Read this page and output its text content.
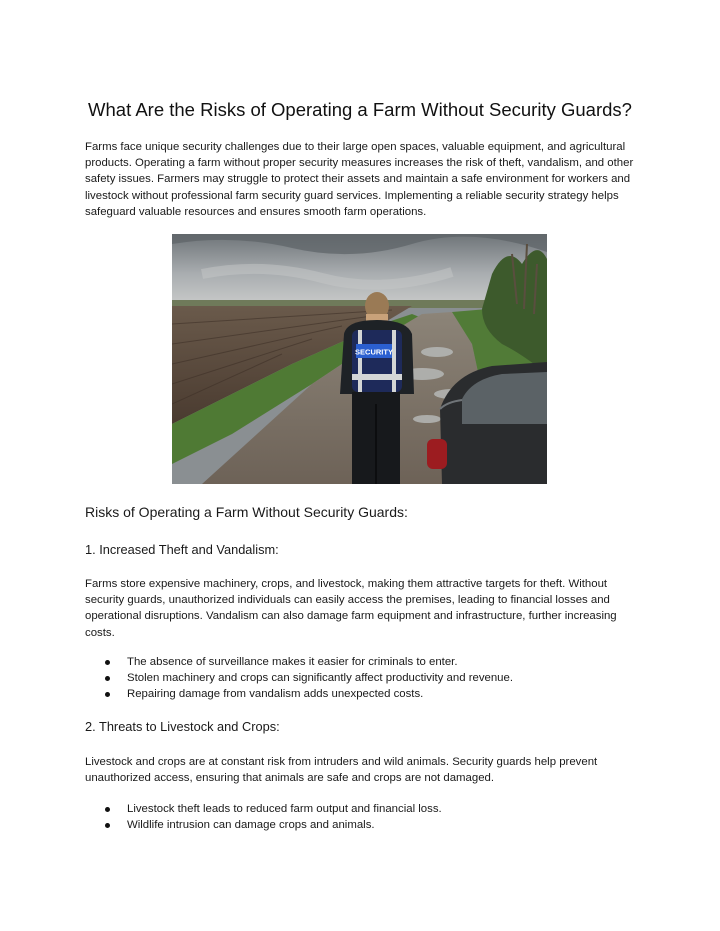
What Are the Risks of Operating a Farm Without Security Guards?

Farms face unique security challenges due to their large open spaces, valuable equipment, and agricultural products. Operating a farm without proper security measures increases the risk of theft, vandalism, and other safety issues. Farmers may struggle to protect their assets and maintain a safe environment for workers and livestock without professional farm security guard services. Implementing a reliable security strategy helps safeguard valuable resources and ensures smooth farm operations.

SECURITY
Risks of Operating a Farm Without Security Guards:
1. Increased Theft and Vandalism:

Farms store expensive machinery, crops, and livestock, making them attractive targets for theft. Without security guards, unauthorized individuals can easily access the premises, leading to financial losses and operational disruptions. Vandalism can also damage farm equipment and infrastructure, further increasing costs.

The absence of surveillance makes it easier for criminals to enter.
Stolen machinery and crops can significantly affect productivity and revenue.
Repairing damage from vandalism adds unexpected costs.
2. Threats to Livestock and Crops:

Livestock and crops are at constant risk from intruders and wild animals. Security guards help prevent unauthorized access, ensuring that animals are safe and crops are not damaged.

Livestock theft leads to reduced farm output and financial loss.
Wildlife intrusion can damage crops and animals.
